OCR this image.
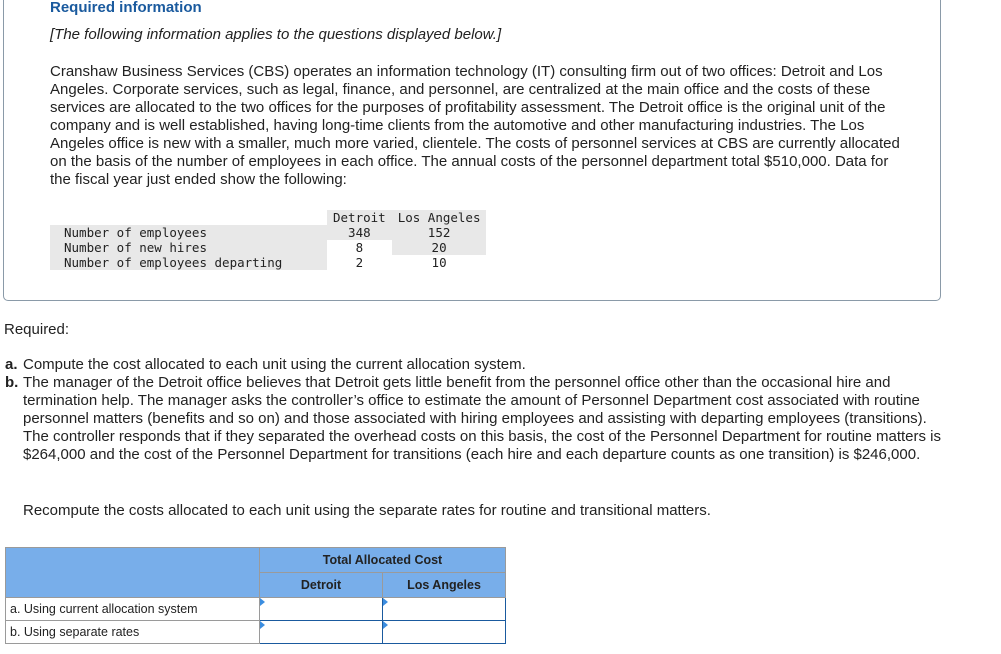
Required information
[The following information applies to the questions displayed below.]

Cranshaw Business Services (CBS) operates an information technology (IT) consulting firm out of two offices: Detroit and Los Angeles. Corporate services, such as legal, finance, and personnel, are centralized at the main office and the costs of these services are allocated to the two offices for the purposes of profitability assessment. The Detroit office is the original unit of the company and is well established, having long-time clients from the automotive and other manufacturing industries. The Los Angeles office is new with a smaller, much more varied, clientele. The costs of personnel services at CBS are currently allocated on the basis of the number of employees in each office. The annual costs of the personnel department total $510,000. Data for the fiscal year just ended show the following:

	Detroit	Los Angeles
Number of employees	348	152
Number of new hires	8	20
Number of employees departing	2	10
Required:
a. Compute the cost allocated to each unit using the current allocation system.
b. The manager of the Detroit office believes that Detroit gets little benefit from the personnel office other than the occasional hire and termination help. The manager asks the controller’s office to estimate the amount of Personnel Department cost associated with routine personnel matters (benefits and so on) and those associated with hiring employees and assisting with departing employees (transitions). The controller responds that if they separated the overhead costs on this basis, the cost of the Personnel Department for routine matters is $264,000 and the cost of the Personnel Department for transitions (each hire and each departure counts as one transition) is $246,000.
Recompute the costs allocated to each unit using the separate rates for routine and transitional matters.
	Total Allocated Cost	
	Detroit	Los Angeles
a. Using current allocation system	

b. Using separate rates	
